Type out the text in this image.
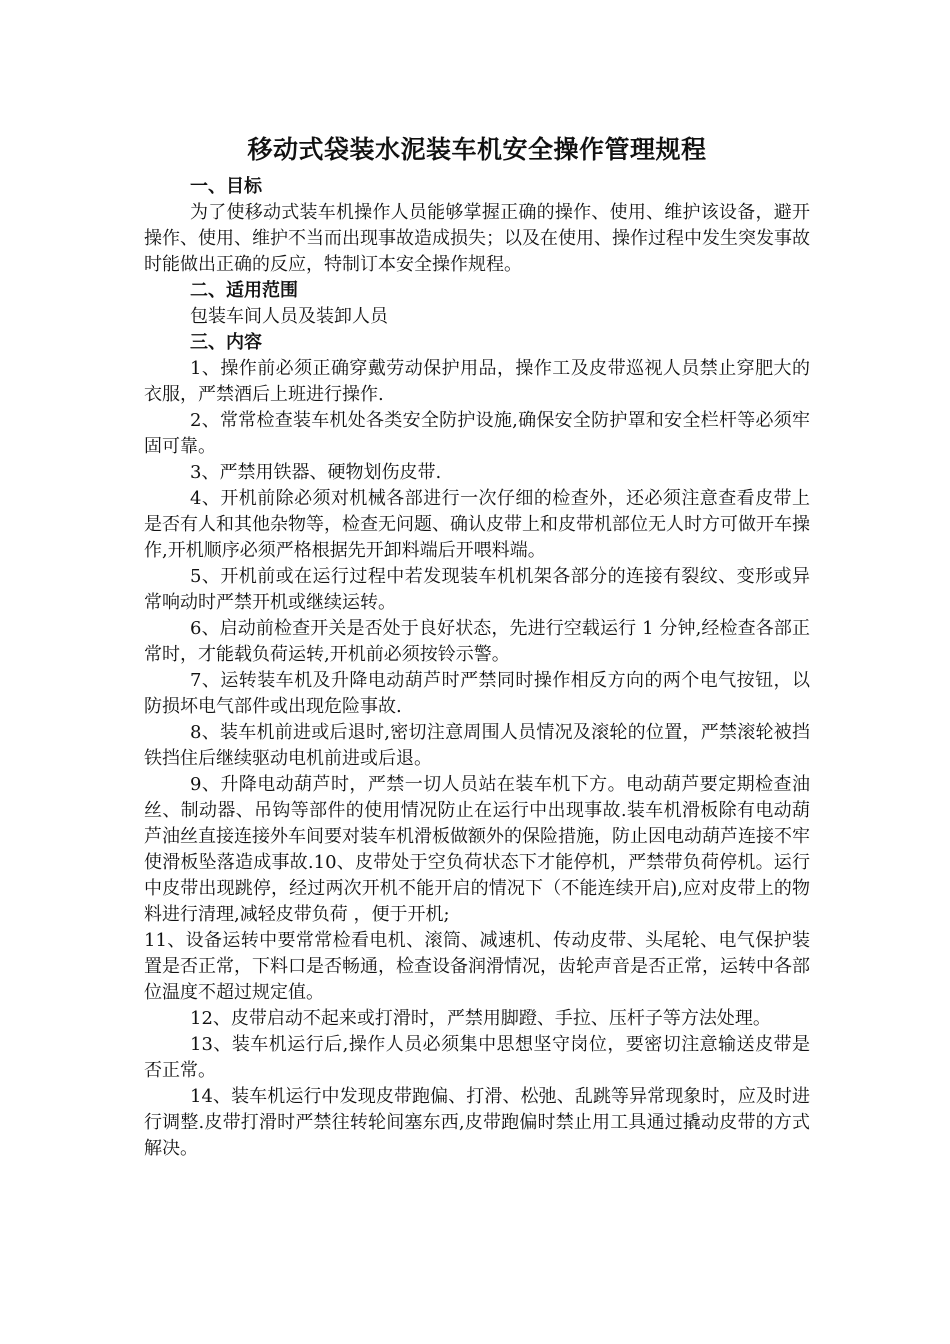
移动式袋装水泥装车机安全操作管理规程

一、目标

为了使移动式装车机操作人员能够掌握正确的操作、使用、维护该设备，避开操作、使用、维护不当而出现事故造成损失；以及在使用、操作过程中发生突发事故时能做出正确的反应，特制订本安全操作规程。

二、适用范围

包装车间人员及装卸人员

三、内容

1、操作前必须正确穿戴劳动保护用品，操作工及皮带巡视人员禁止穿肥大的衣服，严禁酒后上班进行操作.

2、常常检查装车机处各类安全防护设施,确保安全防护罩和安全栏杆等必须牢固可靠。

3、严禁用铁器、硬物划伤皮带.

4、开机前除必须对机械各部进行一次仔细的检查外，还必须注意查看皮带上是否有人和其他杂物等，检查无问题、确认皮带上和皮带机部位无人时方可做开车操作,开机顺序必须严格根据先开卸料端后开喂料端。

5、开机前或在运行过程中若发现装车机机架各部分的连接有裂纹、变形或异常响动时严禁开机或继续运转。

6、启动前检查开关是否处于良好状态，先进行空载运行 1 分钟,经检查各部正常时，才能载负荷运转,开机前必须按铃示警。

7、运转装车机及升降电动葫芦时严禁同时操作相反方向的两个电气按钮，以防损坏电气部件或出现危险事故.

8、装车机前进或后退时,密切注意周围人员情况及滚轮的位置，严禁滚轮被挡铁挡住后继续驱动电机前进或后退。

9、升降电动葫芦时，严禁一切人员站在装车机下方。电动葫芦要定期检查油丝、制动器、吊钩等部件的使用情况防止在运行中出现事故.装车机滑板除有电动葫芦油丝直接连接外车间要对装车机滑板做额外的保险措施，防止因电动葫芦连接不牢使滑板坠落造成事故.10、皮带处于空负荷状态下才能停机，严禁带负荷停机。运行中皮带出现跳停，经过两次开机不能开启的情况下（不能连续开启),应对皮带上的物料进行清理,减轻皮带负荷 ，便于开机;

11、设备运转中要常常检看电机、滚筒、减速机、传动皮带、头尾轮、电气保护装置是否正常，下料口是否畅通，检查设备润滑情况，齿轮声音是否正常，运转中各部位温度不超过规定值。

12、皮带启动不起来或打滑时，严禁用脚蹬、手拉、压杆子等方法处理。

13、装车机运行后,操作人员必须集中思想坚守岗位，要密切注意输送皮带是否正常。

14、装车机运行中发现皮带跑偏、打滑、松弛、乱跳等异常现象时，应及时进行调整.皮带打滑时严禁往转轮间塞东西,皮带跑偏时禁止用工具通过撬动皮带的方式解决。
